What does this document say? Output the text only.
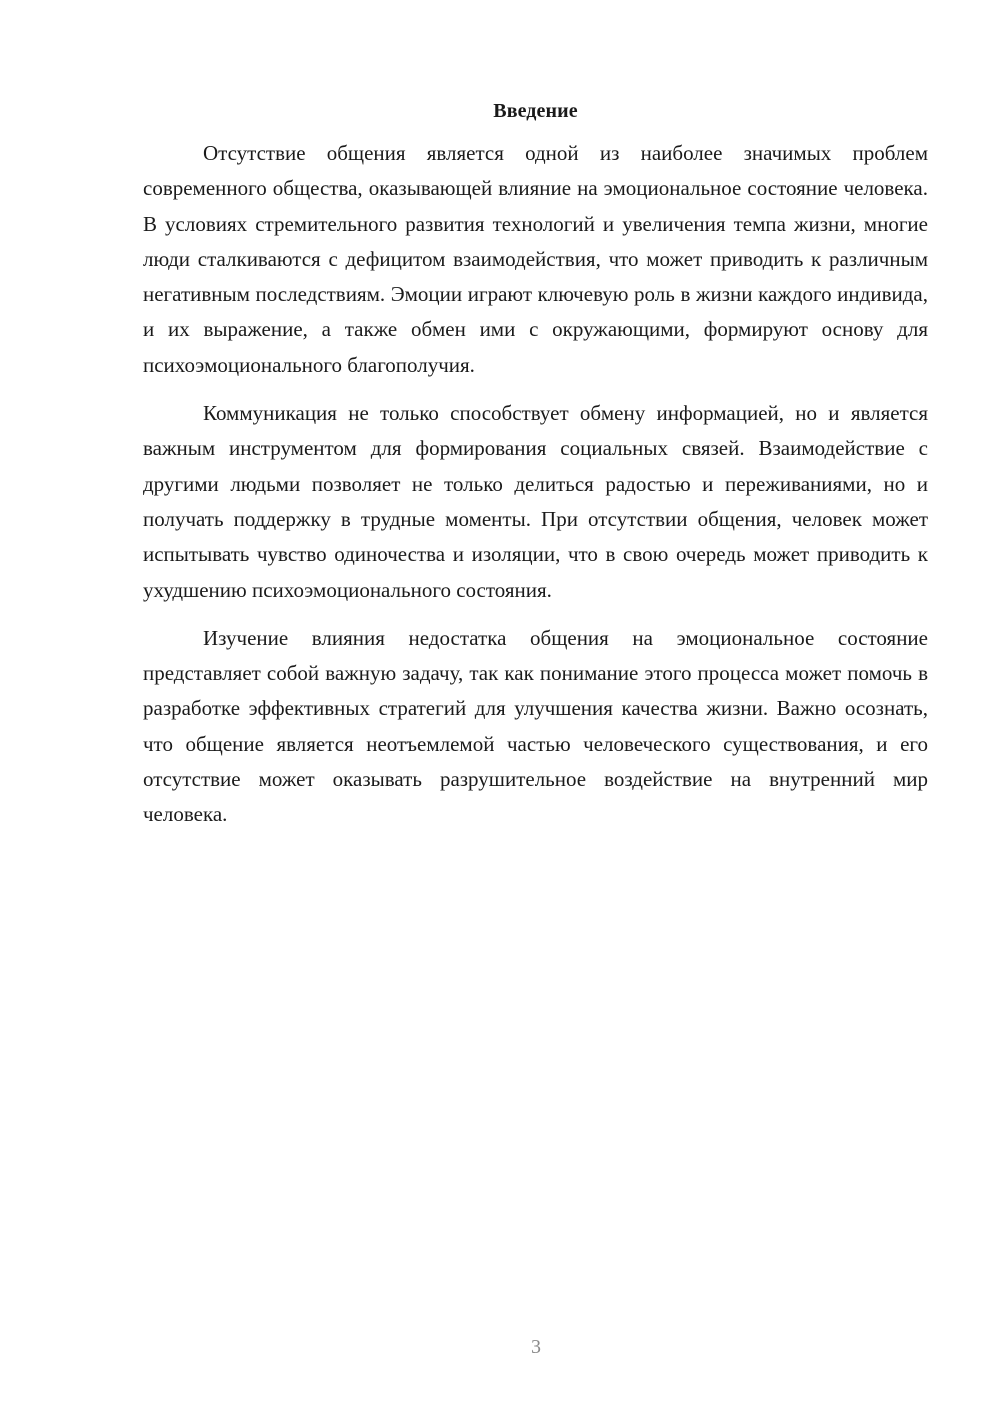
Введение

Отсутствие общения является одной из наиболее значимых проблем современного общества, оказывающей влияние на эмоциональное состояние человека. В условиях стремительного развития технологий и увеличения темпа жизни, многие люди сталкиваются с дефицитом взаимодействия, что может приводить к различным негативным последствиям. Эмоции играют ключевую роль в жизни каждого индивида, и их выражение, а также обмен ими с окружающими, формируют основу для психоэмоционального благополучия.

Коммуникация не только способствует обмену информацией, но и является важным инструментом для формирования социальных связей. Взаимодействие с другими людьми позволяет не только делиться радостью и переживаниями, но и получать поддержку в трудные моменты. При отсутствии общения, человек может испытывать чувство одиночества и изоляции, что в свою очередь может приводить к ухудшению психоэмоционального состояния.

Изучение влияния недостатка общения на эмоциональное состояние представляет собой важную задачу, так как понимание этого процесса может помочь в разработке эффективных стратегий для улучшения качества жизни. Важно осознать, что общение является неотъемлемой частью человеческого существования, и его отсутствие может оказывать разрушительное воздействие на внутренний мир человека.

3
